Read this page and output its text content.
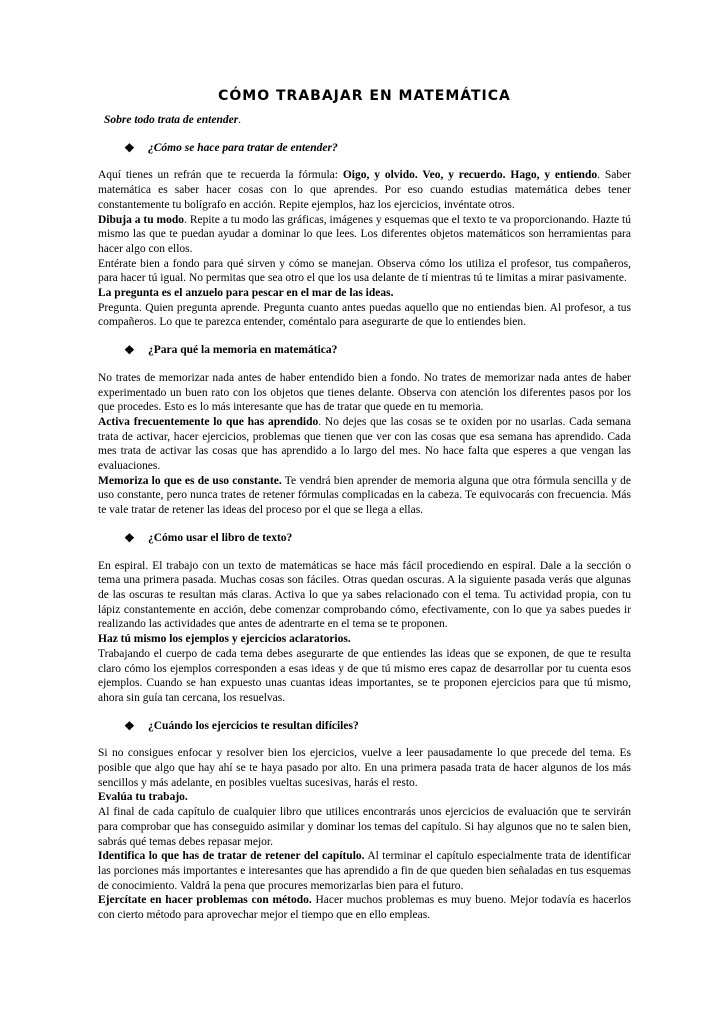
CÓMO TRABAJAR EN MATEMÁTICA
Sobre todo trata de entender.
❖	¿Cómo se hace para tratar de entender?

Aquí tienes un refrán que te recuerda la fórmula: Oigo, y olvido. Veo, y recuerdo. Hago, y entiendo. Saber matemática es saber hacer cosas con lo que aprendes. Por eso cuando estudias matemática debes tener constantemente tu bolígrafo en acción. Repite ejemplos, haz los ejercicios, invéntate otros.

Dibuja a tu modo. Repite a tu modo las gráficas, imágenes y esquemas que el texto te va proporcionando. Hazte tú mismo las que te puedan ayudar a dominar lo que lees. Los diferentes objetos matemáticos son herramientas para hacer algo con ellos.

Entérate bien a fondo para qué sirven y cómo se manejan. Observa cómo los utiliza el profesor, tus compañeros, para hacer tú igual. No permitas que sea otro el que los usa delante de tí mientras tú te limitas a mirar pasivamente.

La pregunta es el anzuelo para pescar en el mar de las ideas.

Pregunta. Quien pregunta aprende. Pregunta cuanto antes puedas aquello que no entiendas bien. Al profesor, a tus compañeros. Lo que te parezca entender, coméntalo para asegurarte de que lo entiendes bien.

❖	¿Para qué la memoria en matemática?

No trates de memorizar nada antes de haber entendido bien a fondo. No trates de memorizar nada antes de haber experimentado un buen rato con los objetos que tienes delante. Observa con atención los diferentes pasos por los que procedes. Esto es lo más interesante que has de tratar que quede en tu memoria.

Activa frecuentemente lo que has aprendido. No dejes que las cosas se te oxiden por no usarlas. Cada semana trata de activar, hacer ejercicios, problemas que tienen que ver con las cosas que esa semana has aprendido. Cada mes trata de activar las cosas que has aprendido a lo largo del mes. No hace falta que esperes a que vengan las evaluaciones.

Memoriza lo que es de uso constante. Te vendrá bien aprender de memoria alguna que otra fórmula sencilla y de uso constante, pero nunca trates de retener fórmulas complicadas en la cabeza. Te equivocarás con frecuencia. Más te vale tratar de retener las ideas del proceso por el que se llega a ellas.

❖	¿Cómo usar el libro de texto?

En espiral. El trabajo con un texto de matemáticas se hace más fácil procediendo en espiral. Dale a la sección o tema una primera pasada. Muchas cosas son fáciles. Otras quedan oscuras. A la siguiente pasada verás que algunas de las oscuras te resultan más claras. Activa lo que ya sabes relacionado con el tema. Tu actividad propia, con tu lápiz constantemente en acción, debe comenzar comprobando cómo, efectivamente, con lo que ya sabes puedes ir realizando las actividades que antes de adentrarte en el tema se te proponen.

Haz tú mismo los ejemplos y ejercicios aclaratorios.

Trabajando el cuerpo de cada tema debes asegurarte de que entiendes las ideas que se exponen, de que te resulta claro cómo los ejemplos corresponden a esas ideas y de que tú mismo eres capaz de desarrollar por tu cuenta esos ejemplos. Cuando se han expuesto unas cuantas ideas importantes, se te proponen ejercicios para que tú mismo, ahora sin guía tan cercana, los resuelvas.

❖	¿Cuándo los ejercicios te resultan difíciles?

Si no consigues enfocar y resolver bien los ejercicios, vuelve a leer pausadamente lo que precede del tema. Es posible que algo que hay ahí se te haya pasado por alto. En una primera pasada trata de hacer algunos de los más sencillos y más adelante, en posibles vueltas sucesivas, harás el resto.

Evalúa tu trabajo.

Al final de cada capítulo de cualquier libro que utilices encontrarás unos ejercicios de evaluación que te servirán para comprobar que has conseguido asimilar y dominar los temas del capítulo. Si hay algunos que no te salen bien, sabrás qué temas debes repasar mejor.

Identifica lo que has de tratar de retener del capítulo. Al terminar el capítulo especialmente trata de identificar las porciones más importantes e interesantes que has aprendido a fin de que queden bien señaladas en tus esquemas de conocimiento. Valdrá la pena que procures memorizarlas bien para el futuro.

Ejercítate en hacer problemas con método. Hacer muchos problemas es muy bueno. Mejor todavía es hacerlos con cierto método para aprovechar mejor el tiempo que en ello empleas.
